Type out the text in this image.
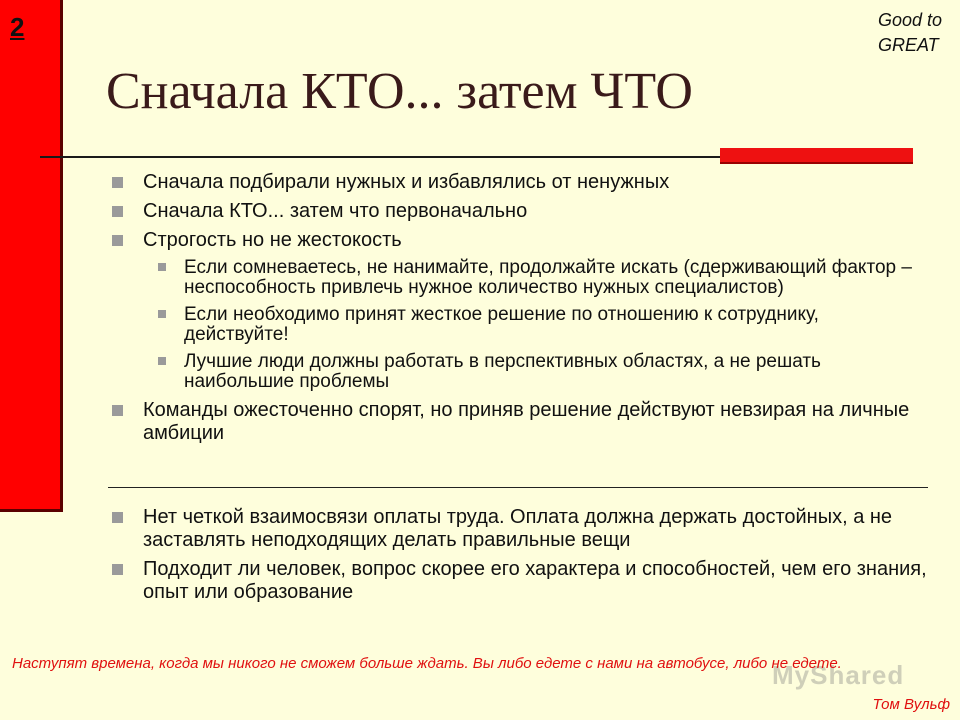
2	Good to
GREAT
Сначала КТО... затем ЧТО
Сначала подбирали нужных и избавлялись от ненужных
Сначала КТО... затем что первоначально
Строгость но не жестокость
Если сомневаетесь, не нанимайте, продолжайте искать (сдерживающий фактор – неспособность привлечь нужное количество нужных специалистов)
Если необходимо принят жесткое решение по отношению к сотруднику, действуйте!
Лучшие люди должны работать в перспективных областях, а не решать наибольшие проблемы
Команды ожесточенно спорят, но приняв решение действуют невзирая на личные амбиции
Нет четкой взаимосвязи оплаты труда. Оплата должна держать достойных, а не заставлять неподходящих делать правильные вещи
Подходит ли человек, вопрос скорее его характера и способностей, чем его знания, опыт или образование
MyShared
Наступят времена, когда мы никого не сможем больше ждать. Вы либо едете с нами на автобусе, либо не едете.
Том Вульф
